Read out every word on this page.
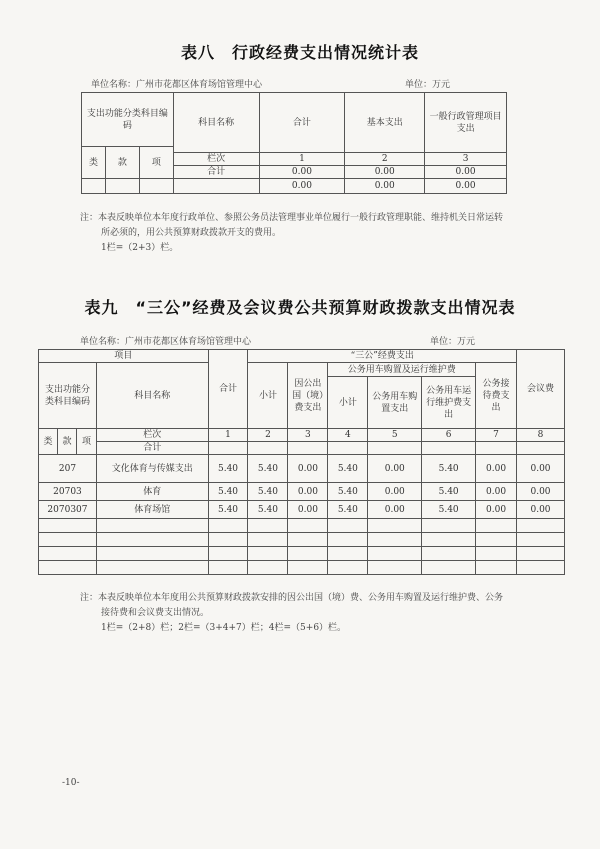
表八　行政经费支出情况统计表
单位名称：广州市花都区体育场馆管理中心	单位：万元
支出功能分类科目编码			科目名称	合计	基本支出	一般行政管理项目支出
类	款	项				
			栏次	1	2	3
			合计	0.00	0.00	0.00
				0.00	0.00	0.00
注：本表反映单位本年度行政单位、参照公务员法管理事业单位履行一般行政管理职能、维持机关日常运转
所必须的，用公共预算财政拨款开支的费用。
1栏=（2+3）栏。
表九　“三公”经费及会议费公共预算财政拨款支出情况表
单位名称：广州市花都区体育场馆管理中心	单位：万元
项目				合计	“三公”经费支出						会议费
支出功能分类科目编码			科目名称		小计	因公出国（境）费支出	公务用车购置及运行维护费			公务接待费支出	
							小计	公务用车购置支出	公务用车运行维护费支出		
类	款	项	栏次	1	2	3	4	5	6	7	8
			合计								
207			文化体育与传媒支出	5.40	5.40	0.00	5.40	0.00	5.40	0.00	0.00
20703			体育	5.40	5.40	0.00	5.40	0.00	5.40	0.00	0.00
2070307			体育场馆	5.40	5.40	0.00	5.40	0.00	5.40	0.00	0.00

注：本表反映单位本年度用公共预算财政拨款安排的因公出国（境）费、公务用车购置及运行维护费、公务
接待费和会议费支出情况。
1栏=（2+8）栏；2栏=（3+4+7）栏；4栏=（5+6）栏。
-10-
